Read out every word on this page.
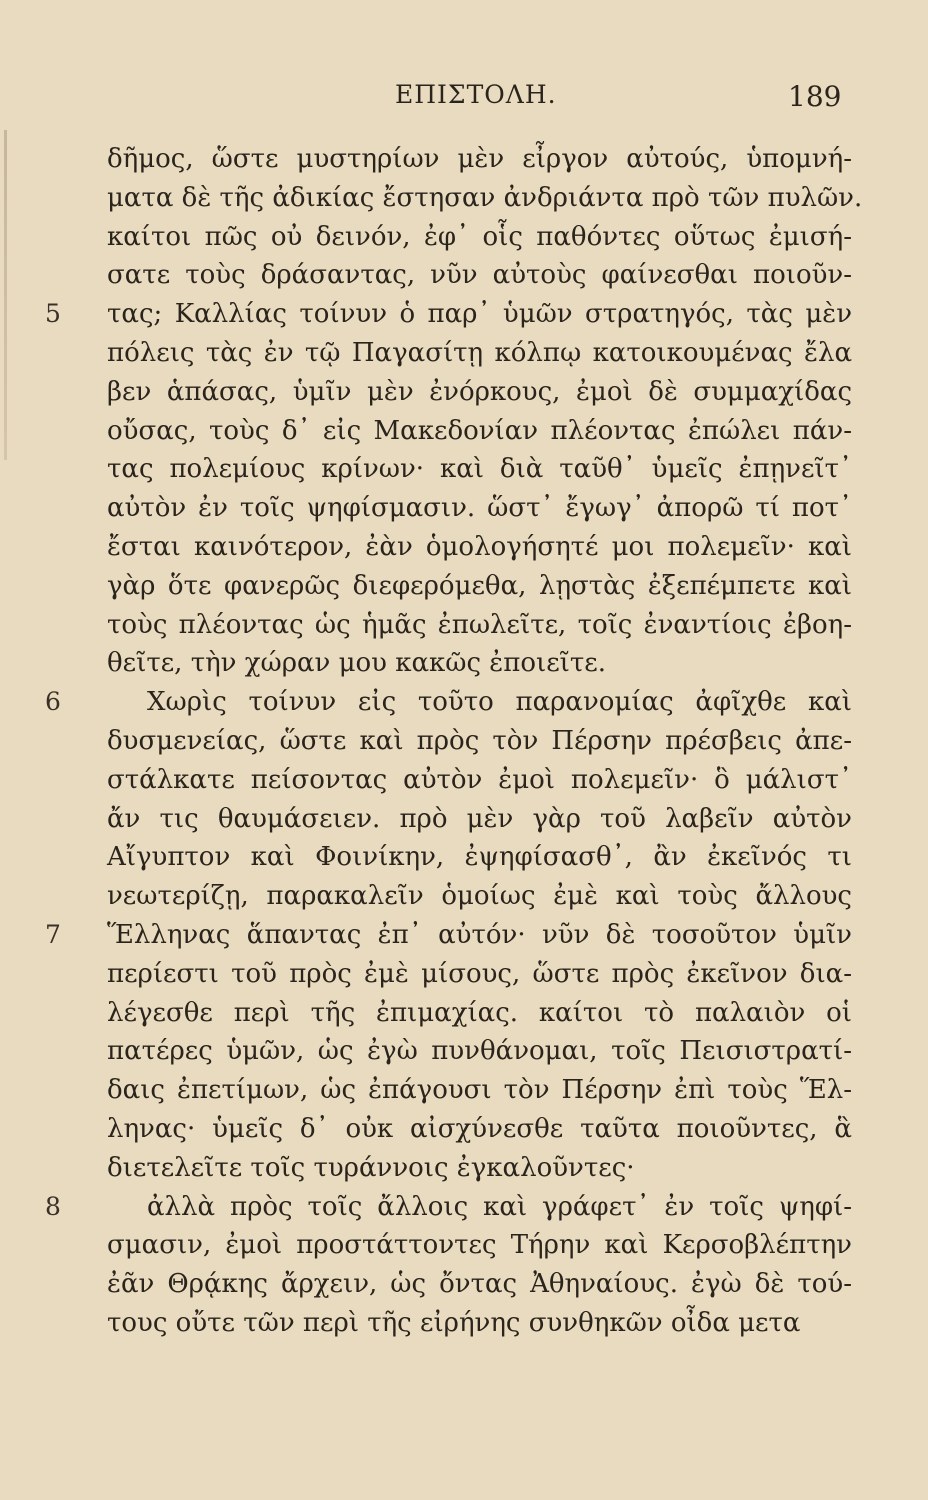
ΕΠΙΣΤΟΛΗ.	189
δῆμος, ὥστε μυστηρίων μὲν εἶργον αὐτούς, ὑπομνή-
ματα δὲ τῆς ἀδικίας ἔστησαν ἀνδριάντα πρὸ τῶν πυλῶν.
καίτοι πῶς οὐ δεινόν, ἐφ᾽ οἷς παθόντες οὕτως ἐμισή-
σατε τοὺς δράσαντας, νῦν αὐτοὺς φαίνεσθαι ποιοῦν-
τας; Καλλίας τοίνυν ὁ παρ᾽ ὑμῶν στρατηγός, τὰς μὲν
5
πόλεις τὰς ἐν τῷ Παγασίτῃ κόλπῳ κατοικουμένας ἔλα
βεν ἁπάσας, ὑμῖν μὲν ἐνόρκους, ἐμοὶ δὲ συμμαχίδας
οὔσας, τοὺς δ᾽ εἰς Μακεδονίαν πλέοντας ἐπώλει πάν-
τας πολεμίους κρίνων· καὶ διὰ ταῦθ᾽ ὑμεῖς ἐπῃνεῖτ᾽
αὐτὸν ἐν τοῖς ψηφίσμασιν. ὥστ᾽ ἔγωγ᾽ ἀπορῶ τί ποτ᾽
ἔσται καινότερον, ἐὰν ὁμολογήσητέ μοι πολεμεῖν· καὶ
γὰρ ὅτε φανερῶς διεφερόμεθα, λῃστὰς ἐξεπέμπετε καὶ
τοὺς πλέοντας ὡς ἡμᾶς ἐπωλεῖτε, τοῖς ἐναντίοις ἐβοη-
θεῖτε, τὴν χώραν μου κακῶς ἐποιεῖτε.
Χωρὶς τοίνυν εἰς τοῦτο παρανομίας ἀφῖχθε καὶ
6
δυσμενείας, ὥστε καὶ πρὸς τὸν Πέρσην πρέσβεις ἀπε-
στάλκατε πείσοντας αὐτὸν ἐμοὶ πολεμεῖν· ὃ μάλιστ᾽
ἄν τις θαυμάσειεν. πρὸ μὲν γὰρ τοῦ λαβεῖν αὐτὸν
Αἴγυπτον καὶ Φοινίκην, ἐψηφίσασθ᾽, ἂν ἐκεῖνός τι
νεωτερίζῃ, παρακαλεῖν ὁμοίως ἐμὲ καὶ τοὺς ἄλλους
Ἕλληνας ἅπαντας ἐπ᾽ αὐτόν· νῦν δὲ τοσοῦτον ὑμῖν
7
περίεστι τοῦ πρὸς ἐμὲ μίσους, ὥστε πρὸς ἐκεῖνον δια-
λέγεσθε περὶ τῆς ἐπιμαχίας. καίτοι τὸ παλαιὸν οἱ
πατέρες ὑμῶν, ὡς ἐγὼ πυνθάνομαι, τοῖς Πεισιστρατί-
δαις ἐπετίμων, ὡς ἐπάγουσι τὸν Πέρσην ἐπὶ τοὺς Ἕλ-
ληνας· ὑμεῖς δ᾽ οὐκ αἰσχύνεσθε ταῦτα ποιοῦντες, ἃ
διετελεῖτε τοῖς τυράννοις ἐγκαλοῦντες·
ἀλλὰ πρὸς τοῖς ἄλλοις καὶ γράφετ᾽ ἐν τοῖς ψηφί-
8
σμασιν, ἐμοὶ προστάττοντες Τήρην καὶ Κερσοβλέπτην
ἐᾶν Θρᾴκης ἄρχειν, ὡς ὄντας Ἀθηναίους. ἐγὼ δὲ τού-
τους οὔτε τῶν περὶ τῆς εἰρήνης συνθηκῶν οἶδα μετα
